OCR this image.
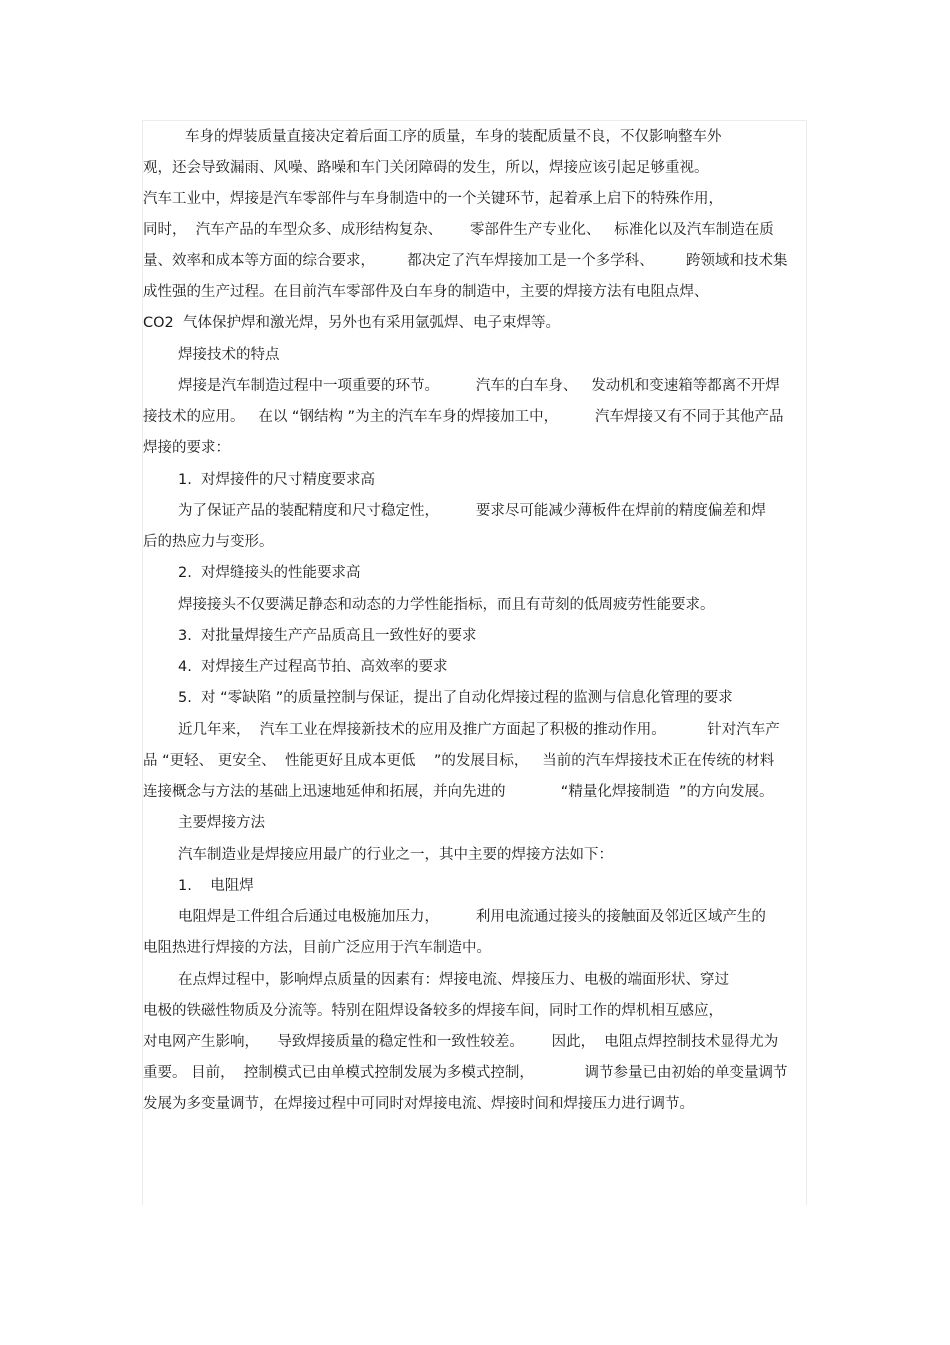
车身的焊装质量直接决定着后面工序的质量，车身的装配质量不良，不仅影响整车外
观，还会导致漏雨、风噪、路噪和车门关闭障碍的发生，所以，焊接应该引起足够重视。
汽车工业中，焊接是汽车零部件与车身制造中的一个关键环节，起着承上启下的特殊作用，
同时，  汽车产品的车型众多、成形结构复杂、      零部件生产专业化、   标准化以及汽车制造在质
量、效率和成本等方面的综合要求，       都决定了汽车焊接加工是一个多学科、       跨领域和技术集
成性强的生产过程。在目前汽车零部件及白车身的制造中，主要的焊接方法有电阻点焊、
CO2  气体保护焊和激光焊，另外也有采用氩弧焊、电子束焊等。
焊接技术的特点
焊接是汽车制造过程中一项重要的环节。        汽车的白车身、   发动机和变速箱等都离不开焊
接技术的应用。   在以 “钢结构 ”为主的汽车车身的焊接加工中，        汽车焊接又有不同于其他产品
焊接的要求：
1.  对焊接件的尺寸精度要求高
为了保证产品的装配精度和尺寸稳定性，        要求尽可能减少薄板件在焊前的精度偏差和焊
后的热应力与变形。
2.  对焊缝接头的性能要求高
焊接接头不仅要满足静态和动态的力学性能指标，而且有苛刻的低周疲劳性能要求。
3.  对批量焊接生产产品质高且一致性好的要求
4.  对焊接生产过程高节拍、高效率的要求
5.  对 “零缺陷 ”的质量控制与保证，提出了自动化焊接过程的监测与信息化管理的要求
近几年来，  汽车工业在焊接新技术的应用及推广方面起了积极的推动作用。         针对汽车产
品 “更轻、 更安全、  性能更好且成本更低    ”的发展目标，   当前的汽车焊接技术正在传统的材料
连接概念与方法的基础上迅速地延伸和拓展，并向先进的            “精量化焊接制造  ”的方向发展。
主要焊接方法
汽车制造业是焊接应用最广的行业之一，其中主要的焊接方法如下：
1.    电阻焊
电阻焊是工件组合后通过电极施加压力，        利用电流通过接头的接触面及邻近区域产生的
电阻热进行焊接的方法，目前广泛应用于汽车制造中。
在点焊过程中，影响焊点质量的因素有：焊接电流、焊接压力、电极的端面形状、穿过
电极的铁磁性物质及分流等。特别在阻焊设备较多的焊接车间，同时工作的焊机相互感应，
对电网产生影响，    导致焊接质量的稳定性和一致性较差。      因此，  电阻点焊控制技术显得尤为
重要。 目前，  控制模式已由单模式控制发展为多模式控制，           调节参量已由初始的单变量调节
发展为多变量调节，在焊接过程中可同时对焊接电流、焊接时间和焊接压力进行调节。
